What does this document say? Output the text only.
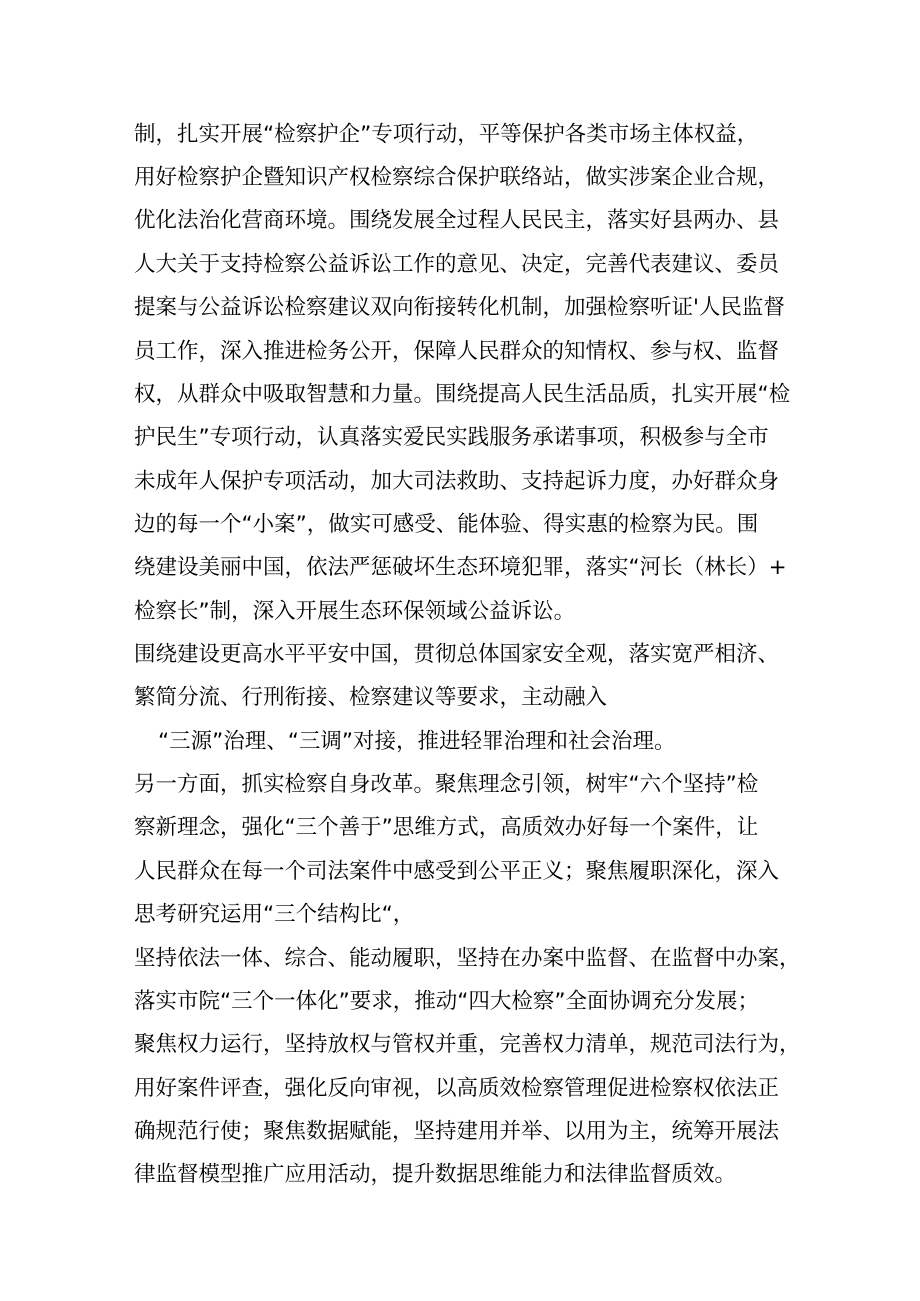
制，扎实开展“检察护企”专项行动，平等保护各类市场主体权益，
用好检察护企暨知识产权检察综合保护联络站，做实涉案企业合规，
优化法治化营商环境。围绕发展全过程人民民主，落实好县两办、县
人大关于支持检察公益诉讼工作的意见、决定，完善代表建议、委员
提案与公益诉讼检察建议双向衔接转化机制，加强检察听证'人民监督
员工作，深入推进检务公开，保障人民群众的知情权、参与权、监督
权，从群众中吸取智慧和力量。围绕提高人民生活品质，扎实开展“检
护民生”专项行动，认真落实爱民实践服务承诺事项，积极参与全市
未成年人保护专项活动，加大司法救助、支持起诉力度，办好群众身
边的每一个“小案”，做实可感受、能体验、得实惠的检察为民。围
绕建设美丽中国，依法严惩破坏生态环境犯罪，落实“河长（林长）+
检察长”制，深入开展生态环保领域公益诉讼。
围绕建设更高水平平安中国，贯彻总体国家安全观，落实宽严相济、
繁简分流、行刑衔接、检察建议等要求，主动融入
“三源”治理、“三调”对接，推进轻罪治理和社会治理。
另一方面，抓实检察自身改革。聚焦理念引领，树牢“六个坚持”检
察新理念，强化“三个善于”思维方式，高质效办好每一个案件，让
人民群众在每一个司法案件中感受到公平正义；聚焦履职深化，深入
思考研究运用“三个结构比“，
坚持依法一体、综合、能动履职，坚持在办案中监督、在监督中办案，
落实市院“三个一体化”要求，推动“四大检察”全面协调充分发展；
聚焦权力运行，坚持放权与管权并重，完善权力清单，规范司法行为，
用好案件评查，强化反向审视，以高质效检察管理促进检察权依法正
确规范行使；聚焦数据赋能，坚持建用并举、以用为主，统筹开展法
律监督模型推广应用活动，提升数据思维能力和法律监督质效。
